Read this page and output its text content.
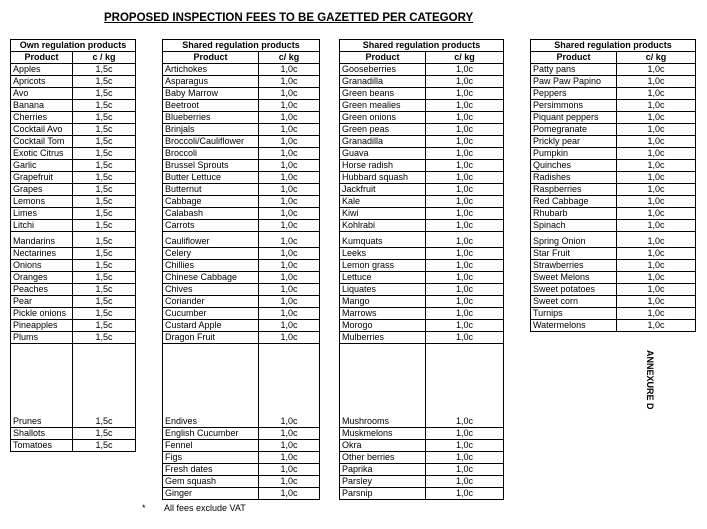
PROPOSED INSPECTION FEES TO BE GAZETTED PER CATEGORY
Own regulation products	
Product	c / kg
Apples	1,5c
Apricots	1,5c
Avo	1,5c
Banana	1,5c
Cherries	1,5c
Cocktail Avo	1,5c
Cocktail Tom	1,5c
Exotic Citrus	1,5c
Garlic	1,5c
Grapefruit	1,5c
Grapes	1,5c
Lemons	1,5c
Limes	1,5c
Litchi	1,5c

Mandarins	1,5c
Nectarines	1,5c
Onions	1,5c
Oranges	1,5c
Peaches	1,5c
Pear	1,5c
Pickle onions	1,5c
Pineapples	1,5c
Plums	1,5c

Prunes	1,5c
Shallots	1,5c
Tomatoes	1,5c
Shared regulation products	
Product	c/ kg
Artichokes	1,0c
Asparagus	1,0c
Baby Marrow	1,0c
Beetroot	1,0c
Blueberries	1,0c
Brinjals	1,0c
Broccoli/Cauliflower	1,0c
Broccoli	1,0c
Brussel Sprouts	1,0c
Butter Lettuce	1,0c
Butternut	1,0c
Cabbage	1,0c
Calabash	1,0c
Carrots	1,0c

Cauliflower	1,0c
Celery	1,0c
Chillies	1,0c
Chinese Cabbage	1,0c
Chives	1,0c
Coriander	1,0c
Cucumber	1,0c
Custard Apple	1,0c
Dragon Fruit	1,0c

Endives	1,0c
English Cucumber	1,0c
Fennel	1,0c
Figs	1,0c
Fresh dates	1,0c
Gem squash	1,0c
Ginger	1,0c
Shared regulation products	
Product	c/ kg
Gooseberries	1,0c
Granadilla	1,0c
Green beans	1,0c
Green mealies	1,0c
Green onions	1,0c
Green peas	1,0c
Granadilla	1,0c
Guava	1,0c
Horse radish	1,0c
Hubbard squash	1,0c
Jackfruit	1,0c
Kale	1,0c
Kiwi	1,0c
Kohlrabi	1,0c

Kumquats	1,0c
Leeks	1,0c
Lemon grass	1,0c
Lettuce	1,0c
Liquates	1,0c
Mango	1,0c
Marrows	1,0c
Morogo	1,0c
Mulberries	1,0c

Mushrooms	1,0c
Muskmelons	1,0c
Okra	1,0c
Other berries	1,0c
Paprika	1,0c
Parsley	1,0c
Parsnip	1,0c
Shared regulation products	
Product	c/ kg
Patty pans	1,0c
Paw Paw Papino	1,0c
Peppers	1,0c
Persimmons	1,0c
Piquant peppers	1,0c
Pomegranate	1,0c
Prickly pear	1,0c
Pumpkin	1,0c
Quinches	1,0c
Radishes	1,0c
Raspberries	1,0c
Red Cabbage	1,0c
Rhubarb	1,0c
Spinach	1,0c

Spring Onion	1,0c
Star Fruit	1,0c
Strawberries	1,0c
Sweet Melons	1,0c
Sweet potatoes	1,0c
Sweet corn	1,0c
Turnips	1,0c
Watermelons	1,0c
ANNEXURE D
* All fees exclude VAT
